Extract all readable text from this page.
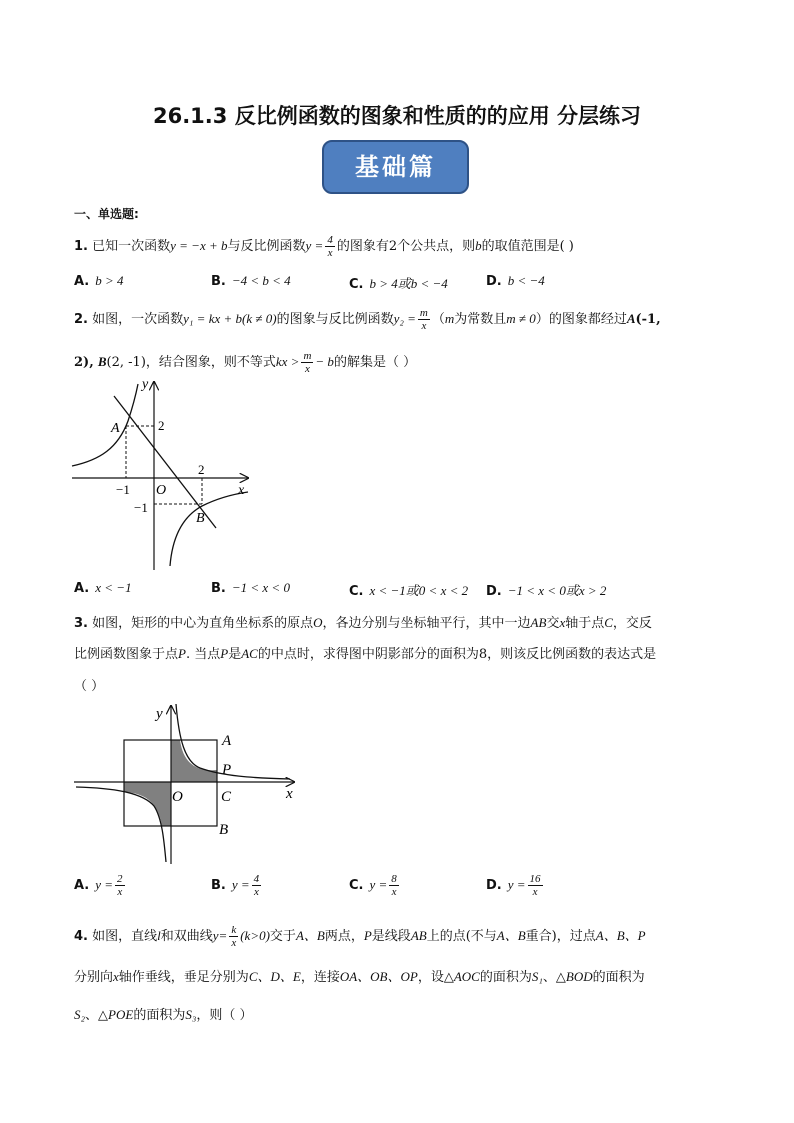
26.1.3 反比例函数的图象和性质的的应用 分层练习
基础篇
一、单选题:
1. 已知一次函数y = −x + b与反比例函数$y = \frac{4}{x}$ 的图象有2个公共点，则b的取值范围是( )
A. b > 4	B. −4 < b < 4	C. b > 4或b < −4	D. b < −4
2. 如图，一次函数y₁ = kx + b(k ≠ 0)的图象与反比例函数$y_2 = \frac{m}{x} (m$为常数且m ≠ 0）的图象都经过A(-1,
2), B(2, -1)，结合图象，则不等式kx > $\frac{m}{x} - b$的解集是（ ）
y
x
A
B
O
2
2
−1
−1
A. x < −1	B. −1 < x < 0	C. x < −1或0 < x < 2 D. −1 < x < 0或x > 2
3. 如图，矩形的中心为直角坐标系的原点O，各边分别与坐标轴平行，其中一边AB交x轴于点C，交反
比例函数图象于点P. 当点P是AC的中点时，求得图中阴影部分的面积为8，则该反比例函数的表达式是
（ ）
y
x
A
P
O	C
B
A. $y = \frac{2}{x}$	B. $y = \frac{4}{x}$	C. $y = \frac{8}{x}$	D. $y = \frac{16}{x}$
4. 如图，直线l和双曲线$y= \frac{k}{x} (k>0)$交于A、B两点，P是线段AB上的点(不与A、B重合)，过点A、B、P
分别向x轴作垂线，垂足分别为C、D、E，连接OA、OB、OP，设△AOC的面积为S₁、△BOD的面积为
S₂、△POE的面积为S₃，则（ ）
